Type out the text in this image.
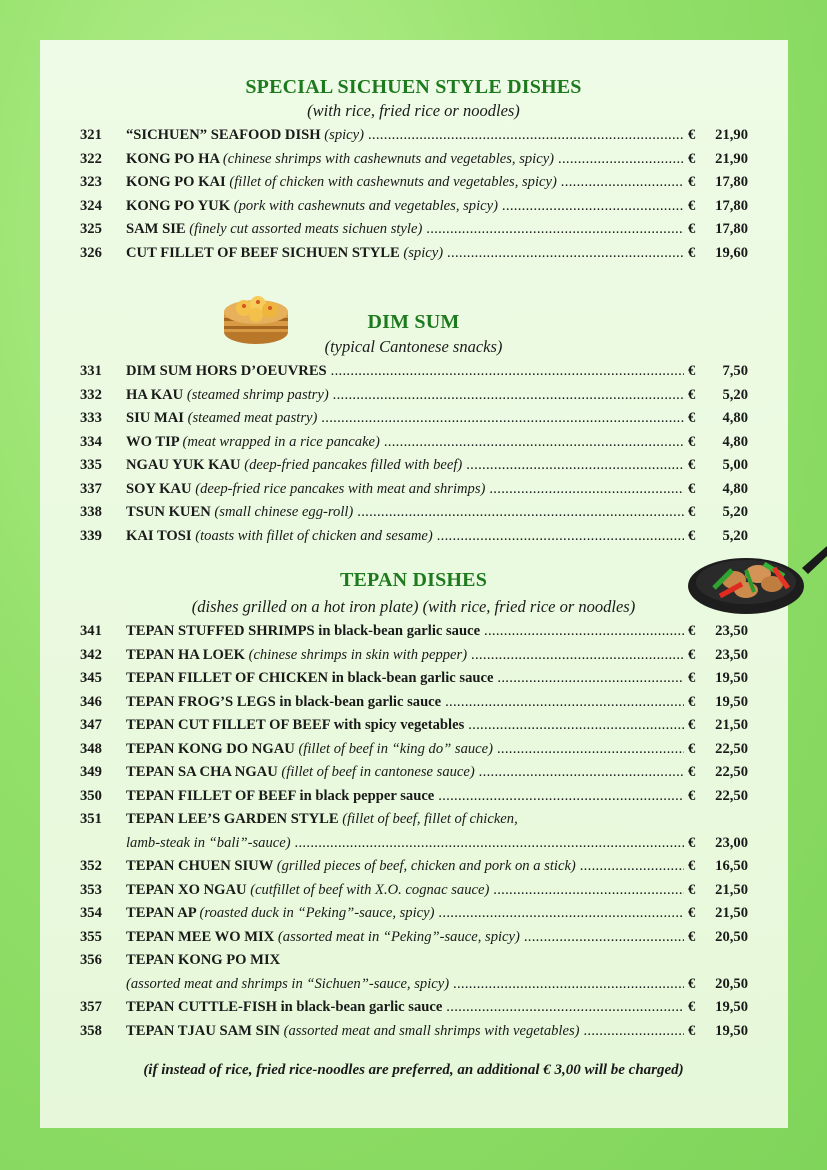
SPECIAL SICHUEN STYLE DISHES
(with rice, fried rice or noodles)
321	“SICHUEN” SEAFOOD DISH (spicy) .....	€	21,90
322	KONG PO HA (chinese shrimps with cashewnuts and vegetables, spicy) .....	€	21,90
323	KONG PO KAI (fillet of chicken with cashewnuts and vegetables, spicy) .....	€	17,80
324	KONG PO YUK (pork with cashewnuts and vegetables, spicy) .....	€	17,80
325	SAM SIE (finely cut assorted meats sichuen style) .....	€	17,80
326	CUT FILLET OF BEEF SICHUEN STYLE (spicy) .....	€	19,60
DIM SUM
(typical Cantonese snacks)
331	DIM SUM HORS D’OEUVRES .....	€	7,50
332	HA KAU (steamed shrimp pastry) .....	€	5,20
333	SIU MAI (steamed meat pastry) .....	€	4,80
334	WO TIP (meat wrapped in a rice pancake) .....	€	4,80
335	NGAU YUK KAU (deep-fried pancakes filled with beef) .....	€	5,00
337	SOY KAU (deep-fried rice pancakes with meat and shrimps) .....	€	4,80
338	TSUN KUEN (small chinese egg-roll) .....	€	5,20
339	KAI TOSI (toasts with fillet of chicken and sesame) .....	€	5,20
TEPAN DISHES
(dishes grilled on a hot iron plate) (with rice, fried rice or noodles)
341	TEPAN STUFFED SHRIMPS in black-bean garlic sauce .....	€	23,50
342	TEPAN HA LOEK (chinese shrimps in skin with pepper) .....	€	23,50
345	TEPAN FILLET OF CHICKEN in black-bean garlic sauce .....	€	19,50
346	TEPAN FROG’S LEGS in black-bean garlic sauce .....	€	19,50
347	TEPAN CUT FILLET OF BEEF with spicy vegetables .....	€	21,50
348	TEPAN KONG DO NGAU (fillet of beef in “king do” sauce) .....	€	22,50
349	TEPAN SA CHA NGAU (fillet of beef in cantonese sauce) .....	€	22,50
350	TEPAN FILLET OF BEEF in black pepper sauce .....	€	22,50
351	TEPAN LEE’S GARDEN STYLE (fillet of beef, fillet of chicken,
lamb-steak in “bali”-sauce) .....	€	23,00
352	TEPAN CHUEN SIUW (grilled pieces of beef, chicken and pork on a stick) .....	€	16,50
353	TEPAN XO NGAU (cutfillet of beef with X.O. cognac sauce) .....	€	21,50
354	TEPAN AP (roasted duck in “Peking”-sauce, spicy) .....	€	21,50
355	TEPAN MEE WO MIX (assorted meat in “Peking”-sauce, spicy) .....	€	20,50
356	TEPAN KONG PO MIX
(assorted meat and shrimps in “Sichuen”-sauce, spicy) .....	€	20,50
357	TEPAN CUTTLE-FISH in black-bean garlic sauce .....	€	19,50
358	TEPAN TJAU SAM SIN (assorted meat and small shrimps with vegetables) .....	€	19,50
(if instead of rice, fried rice-noodles are preferred, an additional € 3,00 will be charged)
